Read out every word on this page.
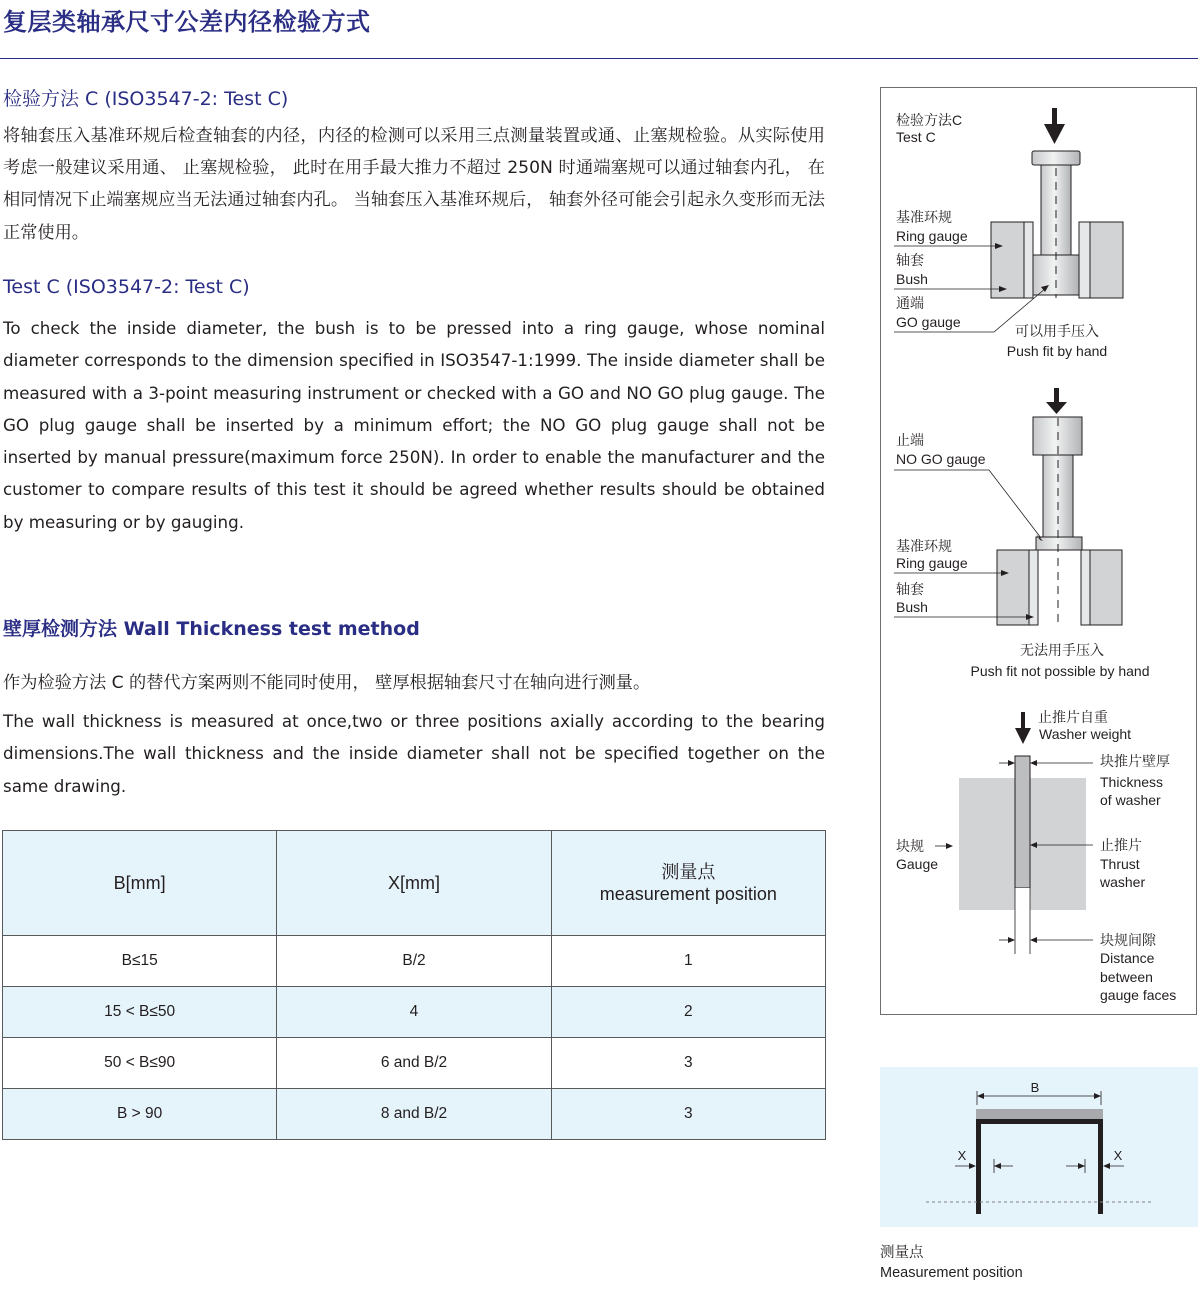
复层类轴承尺寸公差内径检验方式
检验方法 C (ISO3547-2: Test C)

将轴套压入基准环规后检查轴套的内径，内径的检测可以采用三点测量装置或通、止塞规检验。从实际使用考虑一般建议采用通、 止塞规检验， 此时在用手最大推力不超过 250N 时通端塞规可以通过轴套内孔， 在相同情况下止端塞规应当无法通过轴套内孔。 当轴套压入基准环规后， 轴套外径可能会引起永久变形而无法正常使用。

Test C (ISO3547-2: Test C)

To check the inside diameter, the bush is to be pressed into a ring gauge, whose nominal diameter corresponds to the dimension specified in ISO3547-1:1999. The inside diameter shall be measured with a 3-point measuring instrument or checked with a GO and NO GO plug gauge. The GO plug gauge shall be inserted by a minimum effort; the NO GO plug gauge shall not be inserted by manual pressure(maximum force 250N). In order to enable the manufacturer and the customer to compare results of this test it should be agreed whether results should be obtained by measuring or by gauging.

壁厚检测方法 Wall Thickness test method

作为检验方法 C 的替代方案两则不能同时使用， 壁厚根据轴套尺寸在轴向进行测量。

The wall thickness is measured at once,two or three positions axially according to the bearing dimensions.The wall thickness and the inside diameter shall not be specified together on the same drawing.

B[mm]	X[mm]	测量点
measurement position

B≤15	B/2	1
15 < B≤50	4	2
50 < B≤90	6 and B/2	3
B > 90	8 and B/2	3
检验方法C
Test C
基准环规
Ring gauge
轴套
Bush
通端
GO gauge
可以用手压入
Push fit by hand
止端
NO GO gauge
基准环规
Ring gauge
轴套
Bush
无法用手压入
Push fit not possible by hand
止推片自重
Washer weight
块推片壁厚
Thickness
of washer
块规
Gauge
止推片
Thrust
washer
块规间隙
Distance
between
gauge faces
B
X	X
测量点
Measurement position
